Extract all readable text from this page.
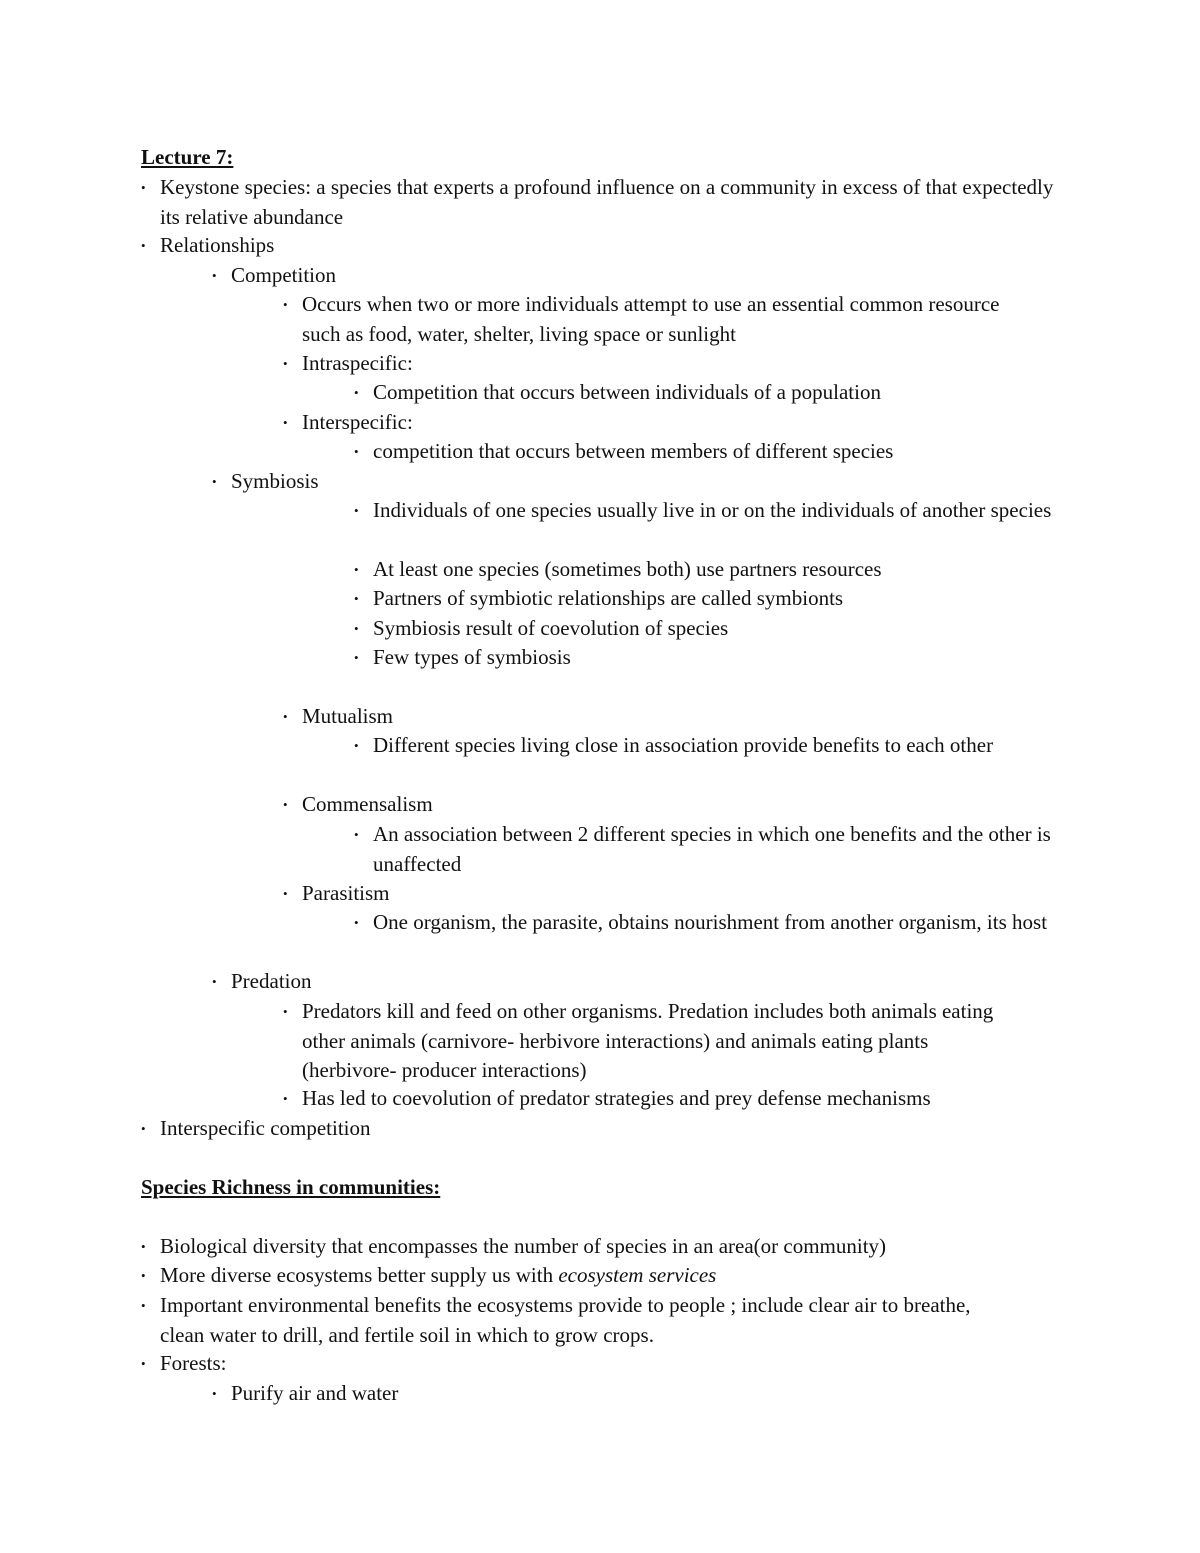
Lecture 7:
• Keystone species: a species that experts a profound influence on a community in excess of that expectedly its relative abundance
• Relationships
• Competition
• Occurs when two or more individuals attempt to use an essential common resource such as food, water, shelter, living space or sunlight
• Intraspecific:
• Competition that occurs between individuals of a population
• Interspecific:
• competition that occurs between members of different species
• Symbiosis
• Individuals of one species usually live in or on the individuals of another species
• At least one species (sometimes both) use partners resources
• Partners of symbiotic relationships are called symbionts
• Symbiosis result of coevolution of species
• Few types of symbiosis
• Mutualism
• Different species living close in association provide benefits to each other
• Commensalism
• An association between 2 different species in which one benefits and the other is unaffected
• Parasitism
• One organism, the parasite, obtains nourishment from another organism, its host
• Predation
• Predators kill and feed on other organisms. Predation includes both animals eating other animals (carnivore- herbivore interactions) and animals eating plants (herbivore- producer interactions)
• Has led to coevolution of predator strategies and prey defense mechanisms
• Interspecific competition
Species Richness in communities:
• Biological diversity that encompasses the number of species in an area(or community)
• More diverse ecosystems better supply us with ecosystem services
• Important environmental benefits the ecosystems provide to people ; include clear air to breathe, clean water to drill, and fertile soil in which to grow crops.
• Forests:
• Purify air and water
